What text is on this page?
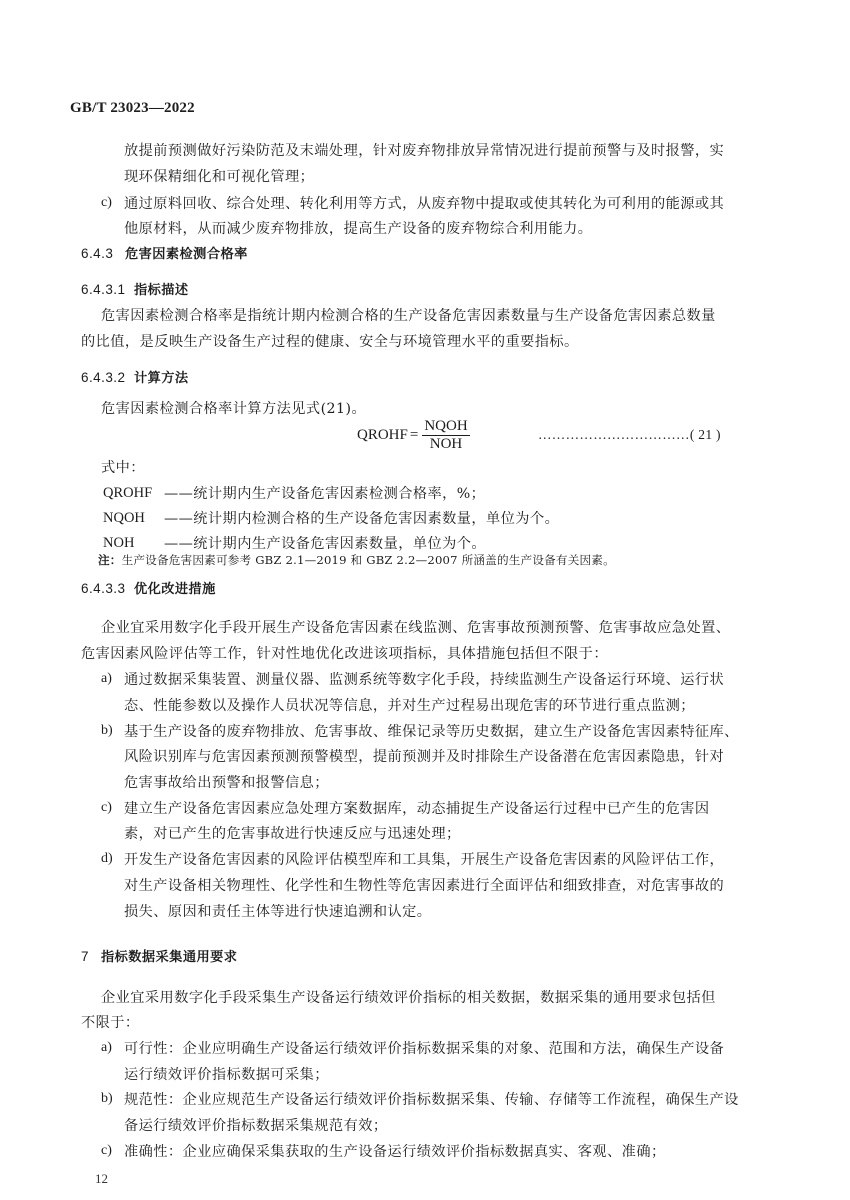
GB/T 23023—2022
放提前预测做好污染防范及末端处理，针对废弃物排放异常情况进行提前预警与及时报警，实
现环保精细化和可视化管理；
c) 通过原料回收、综合处理、转化利用等方式，从废弃物中提取或使其转化为可利用的能源或其
他原材料，从而减少废弃物排放，提高生产设备的废弃物综合利用能力。
6.4.3 危害因素检测合格率
6.4.3.1 指标描述
危害因素检测合格率是指统计期内检测合格的生产设备危害因素数量与生产设备危害因素总数量
的比值，是反映生产设备生产过程的健康、安全与环境管理水平的重要指标。
6.4.3.2 计算方法
危害因素检测合格率计算方法见式(21)。
QROHF = $\frac{\text{NQOH}}{\text{NOH}}$	……………………………( 21 )
式中：
QROHF ——统计期内生产设备危害因素检测合格率，%；
NQOH ——统计期内检测合格的生产设备危害因素数量，单位为个。
NOH ——统计期内生产设备危害因素数量，单位为个。
注：生产设备危害因素可参考 GBZ 2.1—2019 和 GBZ 2.2—2007 所涵盖的生产设备有关因素。
6.4.3.3 优化改进措施
企业宜采用数字化手段开展生产设备危害因素在线监测、危害事故预测预警、危害事故应急处置、
危害因素风险评估等工作，针对性地优化改进该项指标，具体措施包括但不限于：
a) 通过数据采集装置、测量仪器、监测系统等数字化手段，持续监测生产设备运行环境、运行状
态、性能参数以及操作人员状况等信息，并对生产过程易出现危害的环节进行重点监测；
b) 基于生产设备的废弃物排放、危害事故、维保记录等历史数据，建立生产设备危害因素特征库、
风险识别库与危害因素预测预警模型，提前预测并及时排除生产设备潜在危害因素隐患，针对
危害事故给出预警和报警信息；
c) 建立生产设备危害因素应急处理方案数据库，动态捕捉生产设备运行过程中已产生的危害因
素，对已产生的危害事故进行快速反应与迅速处理；
d) 开发生产设备危害因素的风险评估模型库和工具集，开展生产设备危害因素的风险评估工作，
对生产设备相关物理性、化学性和生物性等危害因素进行全面评估和细致排查，对危害事故的
损失、原因和责任主体等进行快速追溯和认定。
7 指标数据采集通用要求
企业宜采用数字化手段采集生产设备运行绩效评价指标的相关数据，数据采集的通用要求包括但
不限于：
a) 可行性：企业应明确生产设备运行绩效评价指标数据采集的对象、范围和方法，确保生产设备
运行绩效评价指标数据可采集；
b) 规范性：企业应规范生产设备运行绩效评价指标数据采集、传输、存储等工作流程，确保生产设
备运行绩效评价指标数据采集规范有效；
c) 准确性：企业应确保采集获取的生产设备运行绩效评价指标数据真实、客观、准确；
12
